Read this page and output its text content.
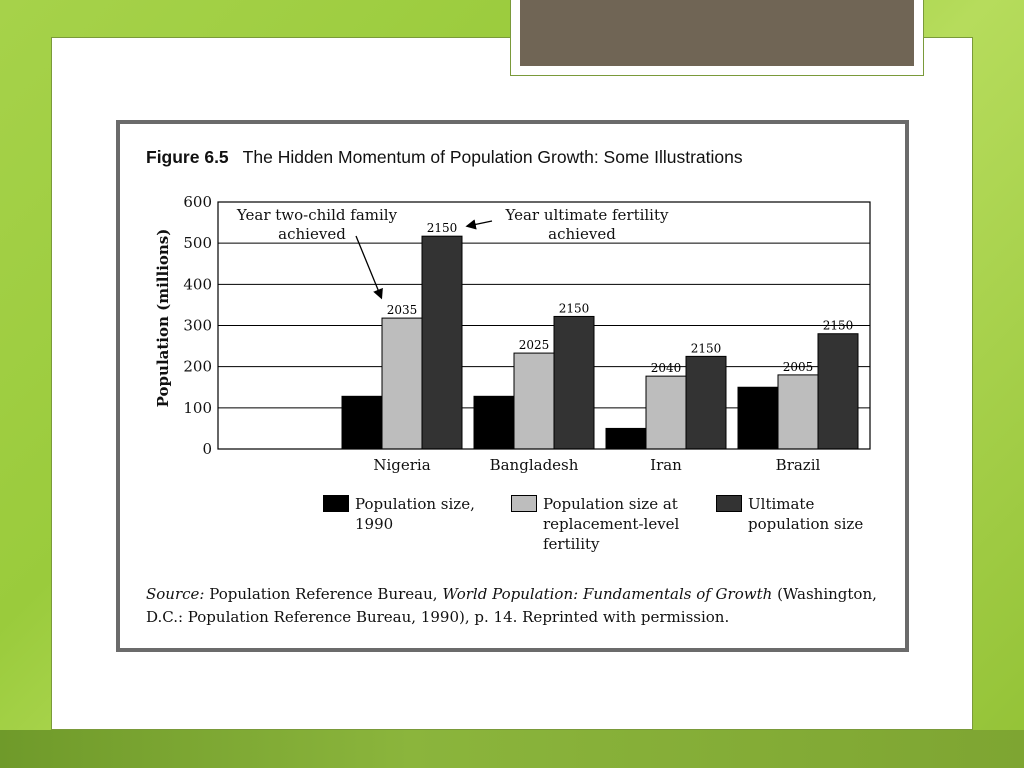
Figure 6.5 The Hidden Momentum of Population Growth: Some Illustrations
0
100
200
300
400
500
600
2035
2150
Nigeria
2025
2150
Bangladesh
2040
2150
Iran
2005
2150
Brazil
Population (millions)
Year two-child family
achieved
Year ultimate fertility
achieved
Population size,
1990
Population size at
replacement-level
fertility
Ultimate
population size
Source: Population Reference Bureau, World Population: Fundamentals of Growth (Washington, D.C.: Population Reference Bureau, 1990), p. 14. Reprinted with permission.
